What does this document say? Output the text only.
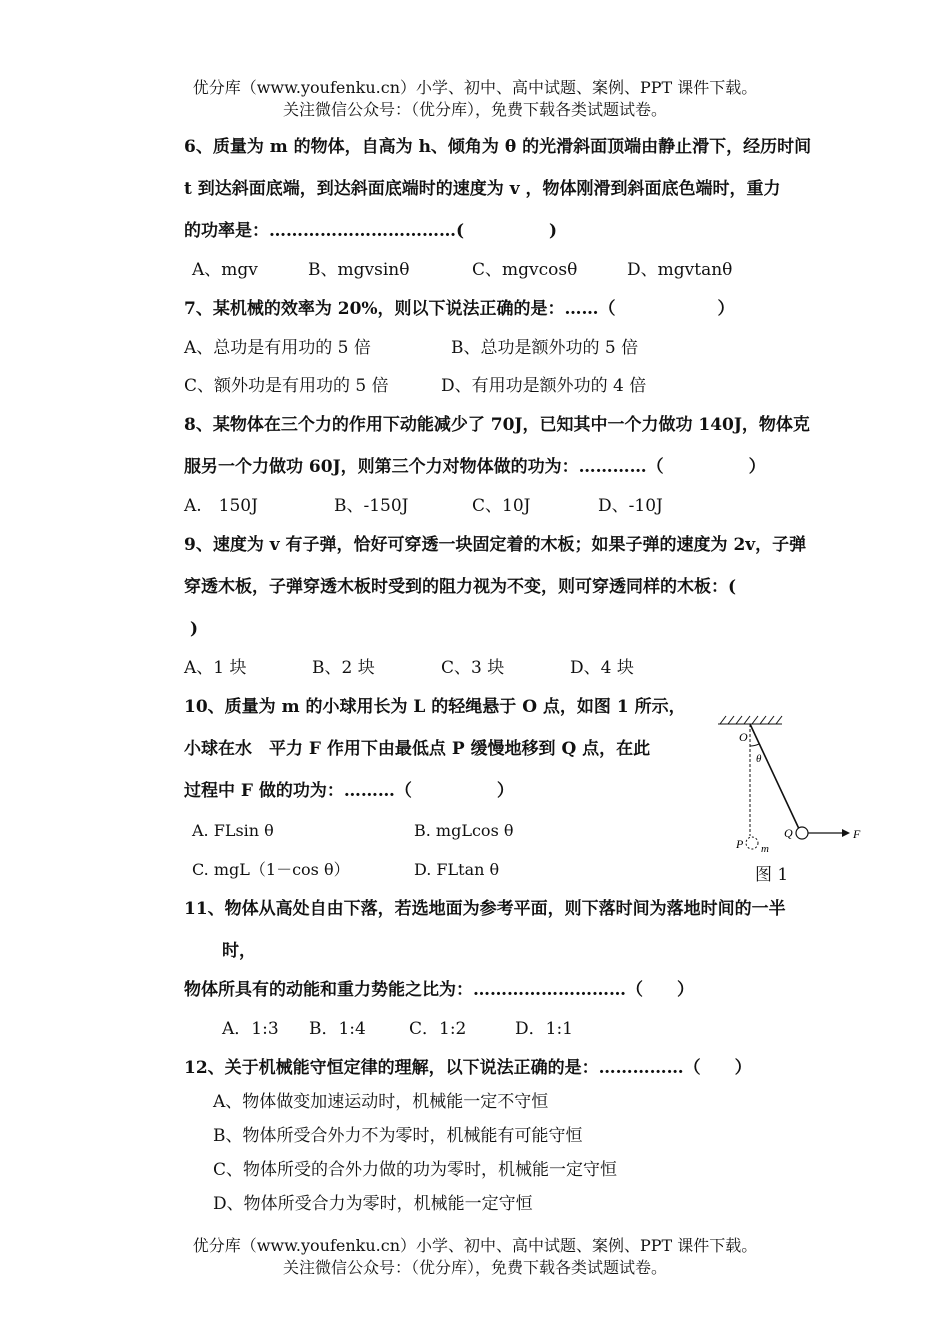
优分库（www.youfenku.cn）小学、初中、高中试题、案例、PPT 课件下载。
关注微信公众号：（优分库），免费下载各类试题试卷。
6、质量为 m 的物体，自高为 h、倾角为 θ 的光滑斜面顶端由静止滑下，经历时间
t 到达斜面底端，到达斜面底端时的速度为 v ，物体刚滑到斜面底色端时，重力
的功率是：……………………………(　　　　　)
A、mgv	B、mgvsinθ	C、mgvcosθ	D、mgvtanθ
7、某机械的效率为 20%，则以下说法正确的是：……（　　　　　　）
A、总功是有用功的 5 倍	B、总功是额外功的 5 倍
C、额外功是有用功的 5 倍	D、有用功是额外功的 4 倍
8、某物体在三个力的作用下动能减少了 70J，已知其中一个力做功 140J，物体克
服另一个力做功 60J，则第三个力对物体做的功为：…………（　　　　　）
A.　150J	B、-150J	C、10J	D、-10J
9、速度为 v 有子弹，恰好可穿透一块固定着的木板；如果子弹的速度为 2v，子弹
穿透木板，子弹穿透木板时受到的阻力视为不变，则可穿透同样的木板：(
)
A、1 块	B、2 块	C、3 块	D、4 块
10、质量为 m 的小球用长为 L 的轻绳悬于 O 点，如图 1 所示，
小球在水　平力 F 作用下由最低点 P 缓慢地移到 Q 点，在此
过程中 F 做的功为：………（　　　　　）
A. FLsin θ	B. mgLcos θ
C. mgL（1－cos θ）	D. FLtan θ
O
θ
P m
Q	F
图 1
11、物体从高处自由下落，若选地面为参考平面，则下落时间为落地时间的一半
时，
物体所具有的动能和重力势能之比为：………………………（　　）
A．1:3 B．1:4	C．1:2	D．1:1
12、关于机械能守恒定律的理解，以下说法正确的是：……………（　　）
A、物体做变加速运动时，机械能一定不守恒
B、物体所受合外力不为零时，机械能有可能守恒
C、物体所受的合外力做的功为零时，机械能一定守恒
D、物体所受合力为零时，机械能一定守恒
优分库（www.youfenku.cn）小学、初中、高中试题、案例、PPT 课件下载。
关注微信公众号：（优分库），免费下载各类试题试卷。
